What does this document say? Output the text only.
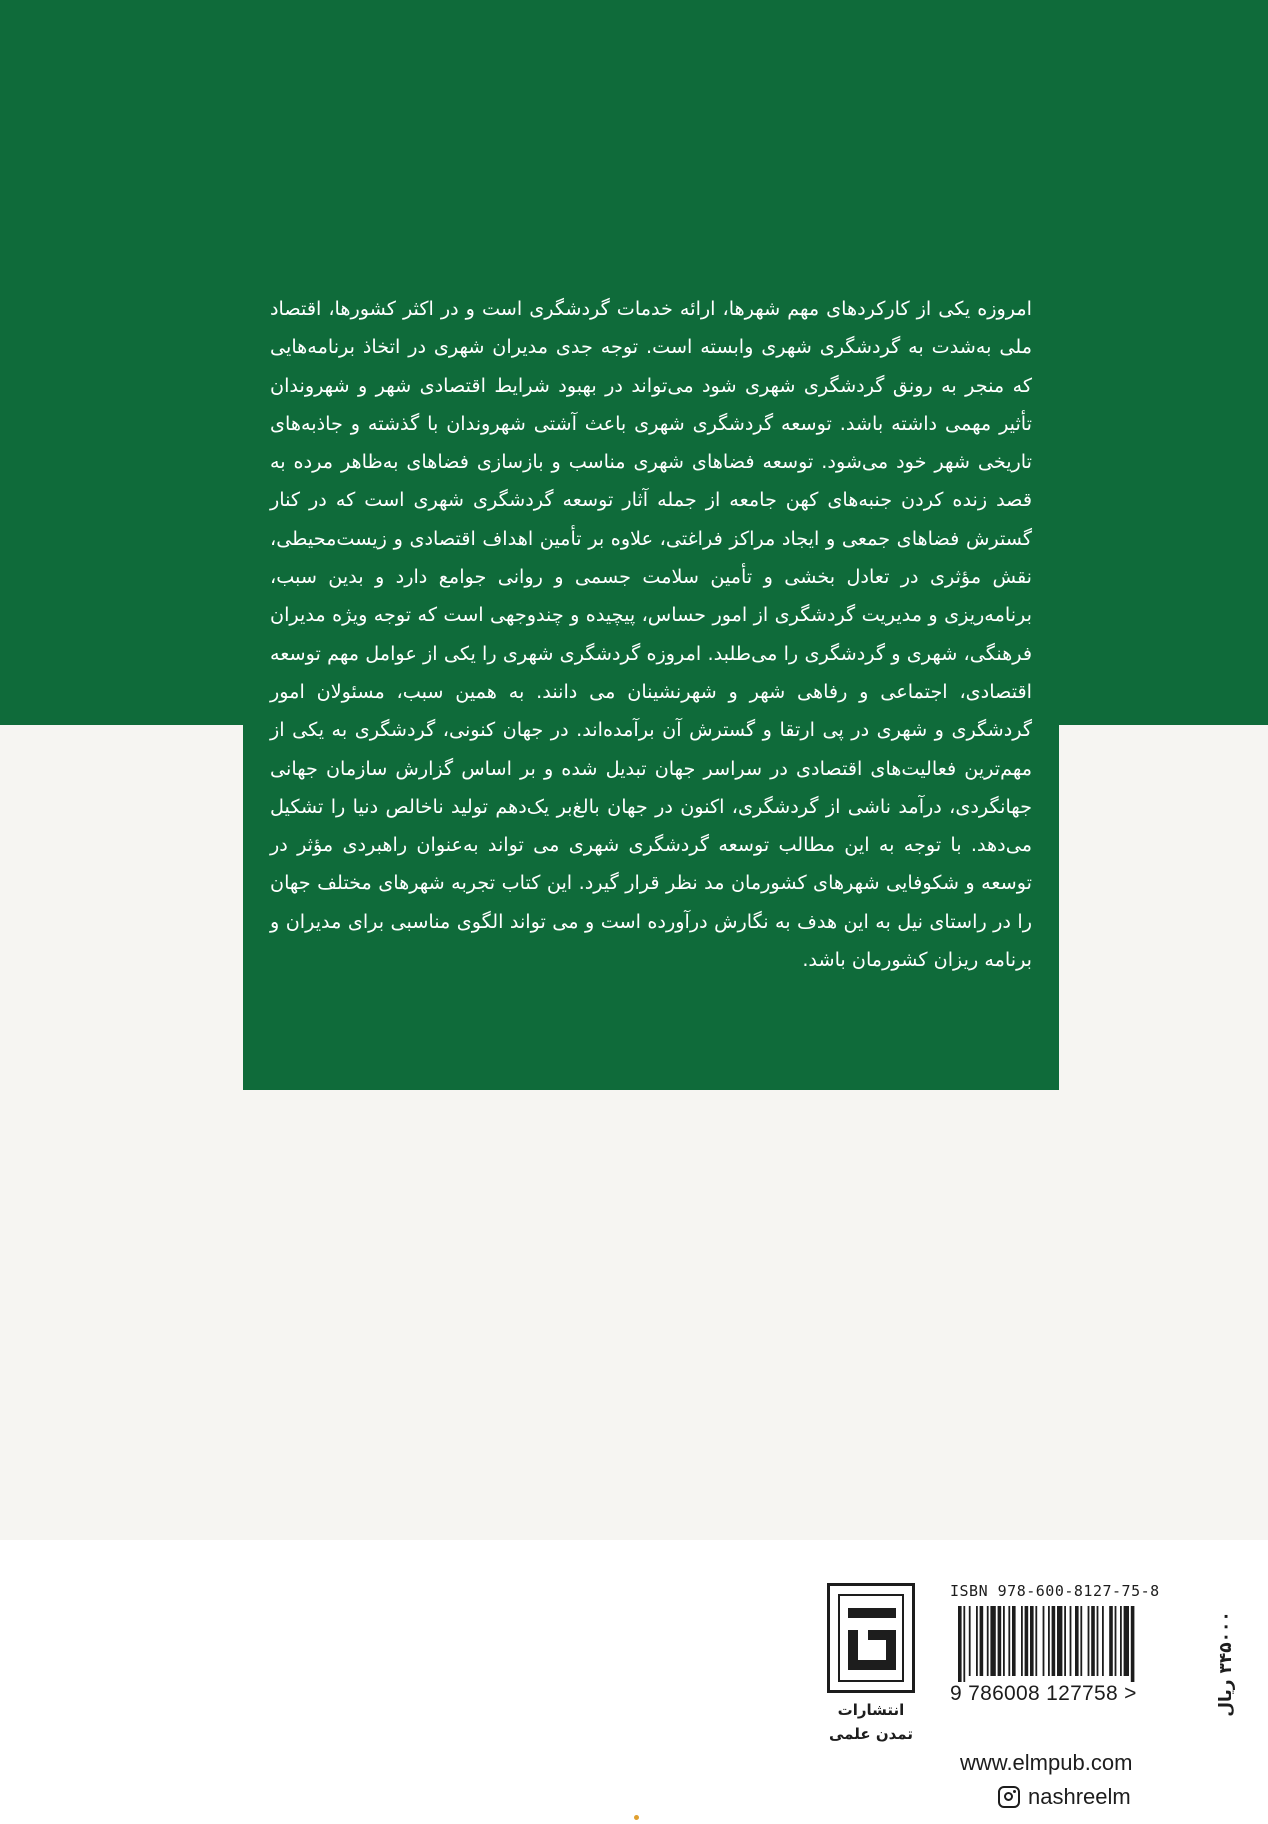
امروزه یکی از کارکردهای مهم شهرها، ارائه خدمات گردشگری است و در اکثر کشورها، اقتصاد ملی به‌شدت به گردشگری شهری وابسته است. توجه جدی مدیران شهری در اتخاذ برنامه‌هایی که منجر به رونق گردشگری شهری شود می‌تواند در بهبود شرایط اقتصادی شهر و شهروندان تأثیر مهمی داشته باشد. توسعه گردشگری شهری باعث آشتی شهروندان با گذشته و جاذبه‌های تاریخی شهر خود می‌شود. توسعه فضاهای شهری مناسب و بازسازی فضاهای به‌ظاهر مرده به قصد زنده کردن جنبه‌های کهن جامعه از جمله آثار توسعه گردشگری شهری است که در کنار گسترش فضاهای جمعی و ایجاد مراکز فراغتی، علاوه بر تأمین اهداف اقتصادی و زیست‌محیطی، نقش مؤثری در تعادل بخشی و تأمین سلامت جسمی و روانی جوامع دارد و بدین سبب، برنامه‌ریزی و مدیریت گردشگری از امور حساس، پیچیده و چندوجهی است که توجه ویژه مدیران فرهنگی، شهری و گردشگری را می‌طلبد. امروزه گردشگری شهری را یکی از عوامل مهم توسعه اقتصادی، اجتماعی و رفاهی شهر و شهرنشینان می دانند. به همین سبب، مسئولان امور گردشگری و شهری در پی ارتقا و گسترش آن برآمده‌اند. در جهان کنونی، گردشگری به یکی از مهم‌ترین فعالیت‌های اقتصادی در سراسر جهان تبدیل شده و بر اساس گزارش سازمان جهانی جهانگردی، درآمد ناشی از گردشگری، اکنون در جهان بالغ‌بر یک‌دهم تولید ناخالص دنیا را تشکیل می‌دهد. با توجه به این مطالب توسعه گردشگری شهری می تواند به‌عنوان راهبردی مؤثر در توسعه و شکوفایی شهرهای کشورمان مد نظر قرار گیرد. این کتاب تجربه شهرهای مختلف جهان را در راستای نیل به این هدف به نگارش درآورده است و می تواند الگوی مناسبی برای مدیران و برنامه ریزان کشورمان باشد.

انتشارات
تمدن علمی
ISBN 978-600-8127-75-8
9 786008 127758 >	۳۴۵۰۰۰ ریال
www.elmpub.com
nashreelm
